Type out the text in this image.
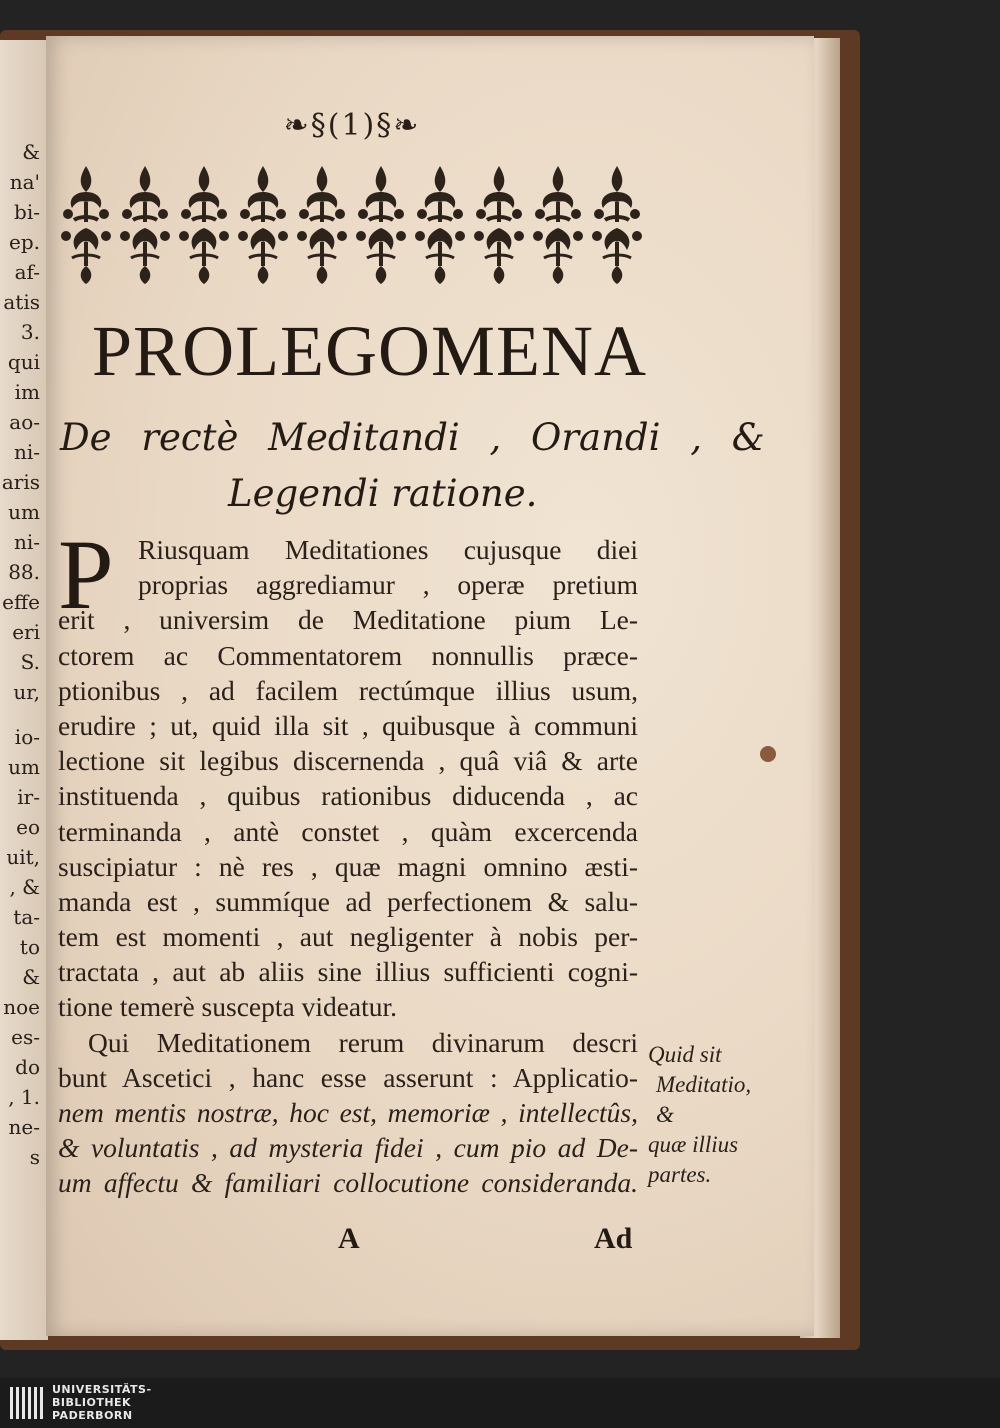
&
na'
bi-
ep.
af-
atis
3.
qui
im
ao-
ni-
aris
um
ni-
88.
effe
eri
S.
ur,
io-
um
ir-
eo
uit,
, &
ta-
to
&
noe
es-
do
, 1.
ne-
s
❧§(1)§❧
PROLEGOMENA
De rectè Meditandi , Orandi , &
Legendi ratione.
P Riusquam Meditationes cujusque diei
proprias aggrediamur , operæ pretium
erit , universim de Meditatione pium Le-
ctorem ac Commentatorem nonnullis præce-
ptionibus , ad facilem rectúmque illius usum,
erudire ; ut, quid illa sit , quibusque à communi
lectione sit legibus discernenda , quâ viâ & arte
instituenda , quibus rationibus diducenda , ac
terminanda , antè constet , quàm excercenda
suscipiatur : nè res , quæ magni omnino æsti-
manda est , summíque ad perfectionem & salu-
tem est momenti , aut negligenter à nobis per-
tractata , aut ab aliis sine illius sufficienti cogni-
tione temerè suscepta videatur.
Qui Meditationem rerum divinarum descri
bunt Ascetici , hanc esse asserunt : Applicatio-
nem mentis nostræ, hoc est, memoriæ , intellectûs,
& voluntatis , ad mysteria fidei , cum pio ad De-
um affectu & familiari collocutione consideranda.
Quid sit
Meditatio, &
quæ illius
partes.
A	Ad
UNIVERSITÄTS-
BIBLIOTHEK
PADERBORN
